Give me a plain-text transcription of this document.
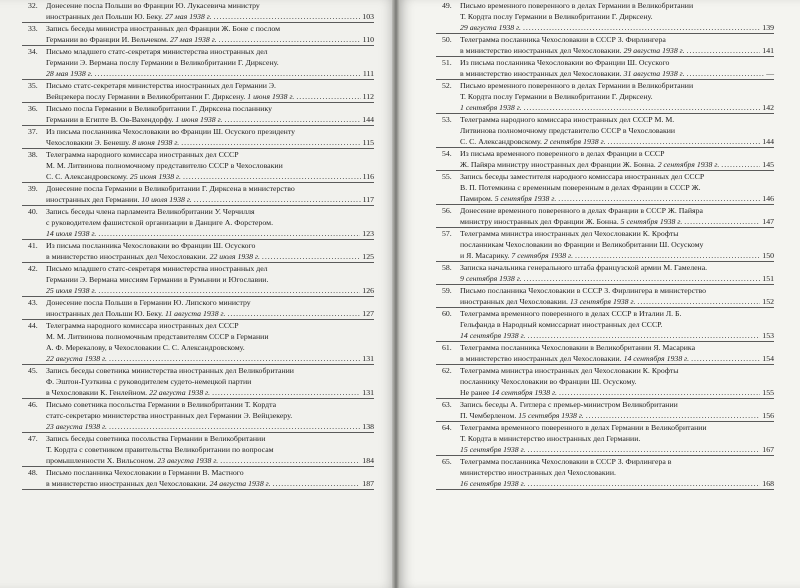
32.	Донесение посла Польши во Франции Ю. Лукасевича министру
иностранных дел Польши Ю. Беку. 27 мая 1938 г. . . .	103
33.	Запись беседы министра иностранных дел Франции Ж. Боне с послом
Германии во Франции И. Вельчеком. 27 мая 1938 г. . . .	110
34.	Письмо младшего статс-секретаря министерства иностранных дел
Германии Э. Вермана послу Германии в Великобритании Г. Дирксену.
28 мая 1938 г. . . .	111
35.	Письмо статс-секретаря министерства иностранных дел Германии Э.
Вейцзекера послу Германии в Великобритании Г. Дирксену. 1 июня 1938 г. . . .	112
36.	Письмо посла Германии в Великобритании Г. Дирксена посланнику
Германии в Египте В. Ов-Вахендорфу. 1 июня 1938 г. . . .	144
37.	Из письма посланника Чехословакии во Франции Ш. Осуского президенту
Чехословакии Э. Бенешу. 8 июня 1938 г. . . .	115
38.	Телеграмма народного комиссара иностранных дел СССР
М. М. Литвинова полномочному представителю СССР в Чехословакии
С. С. Александровскому. 25 июня 1938 г. . . .	116
39.	Донесение посла Германии в Великобритании Г. Дирксена в министерство
иностранных дел Германии. 10 июля 1938 г. . . .	117
40.	Запись беседы члена парламента Великобритании У. Черчилля
с руководителем фашистской организации в Данциге А. Форстером.
14 июля 1938 г. . . .	123
41.	Из письма посланника Чехословакии во Франции Ш. Осуского
в министерство иностранных дел Чехословакии. 22 июля 1938 г. . . .	125
42.	Письмо младшего статс-секретаря министерства иностранных дел
Германии Э. Вермана миссиям Германии в Румынии и Югославии.
25 июля 1938 г. . . .	126
43.	Донесение посла Польши в Германии Ю. Липского министру
иностранных дел Польши Ю. Беку. 11 августа 1938 г. . . .	127
44.	Телеграмма народного комиссара иностранных дел СССР
М. М. Литвинова полномочным представителям СССР в Германии
А. Ф. Мерекалову, в Чехословакии С. С. Александровскому.
22 августа 1938 г. . . .	131
45.	Запись беседы советника министерства иностранных дел Великобритании
Ф. Эштон-Гуэткина с руководителем судето-немецкой партии
в Чехословакии К. Генлейном. 22 августа 1938 г. . . .	131
46.	Письмо советника посольства Германии в Великобритании Т. Кордта
статс-секретарю министерства иностранных дел Германии Э. Вейцзекеру.
23 августа 1938 г. . . .	138
47.	Запись беседы советника посольства Германии в Великобритании
Т. Кордта с советником правительства Великобритании по вопросам
промышленности Х. Вильсоном. 23 августа 1938 г. . . .	184
48.	Письмо посланника Чехословакии в Германии В. Мастного
в министерство иностранных дел Чехословакии. 24 августа 1938 г. . . .	187
49.	Письмо временного поверенного в делах Германии в Великобритании
Т. Кордта послу Германии в Великобритании Г. Дирксену.
29 августа 1938 г. . . .	139
50.	Телеграмма посланника Чехословакии в СССР З. Фирлингера
в министерство иностранных дел Чехословакии. 29 августа 1938 г. . . .	141
51.	Из письма посланника Чехословакии во Франции Ш. Осуского
в министерство иностранных дел Чехословакии. 31 августа 1938 г. . . .	—
52.	Письмо временного поверенного в делах Германии в Великобритании
Т. Кордта послу Германии в Великобритании Г. Дирксену.
1 сентября 1938 г. . . .	142
53.	Телеграмма народного комиссара иностранных дел СССР М. М.
Литвинова полномочному представителю СССР в Чехословакии
С. С. Александровскому. 2 сентября 1938 г. . . .	144
54.	Из письма временного поверенного в делах Франции в СССР
Ж. Пайяра министру иностранных дел Франции Ж. Бонна. 2 сентября 1938 г. . . .	145
55.	Запись беседы заместителя народного комиссара иностранных дел СССР
В. П. Потемкина с временным поверенным в делах Франции в СССР Ж.
Памиром. 5 сентября 1938 г. . . .	146
56.	Донесение временного поверенного в делах Франции в СССР Ж. Пайяра
министру иностранных дел Франции Ж. Бонна. 5 сентября 1938 г. . . .	147
57.	Телеграмма министра иностранных дел Чехословакии К. Крофты
посланникам Чехословакии во Франции и Великобритании Ш. Осускому
и Я. Масарику. 7 сентября 1938 г. . . .	150
58.	Записка начальника генерального штаба французской армии М. Гамелена.
9 сентября 1938 г. . . .	151
59.	Письмо посланника Чехословакии в СССР З. Фирлингера в министерство
иностранных дел Чехословакии. 13 сентября 1938 г. . . .	152
60.	Телеграмма временного поверенного в делах СССР в Италии Л. Б.
Гельфанда в Народный комиссариат иностранных дел СССР.
14 сентября 1938 г. . . .	153
61.	Телеграмма посланника Чехословакии в Великобритании Я. Масарика
в министерство иностранных дел Чехословакии. 14 сентября 1938 г. . . .	154
62.	Телеграмма министра иностранных дел Чехословакии К. Крофты
посланнику Чехословакии во Франции Ш. Осускому.
Не ранее 14 сентября 1938 г. . . .	155
63.	Запись беседы А. Гитлера с премьер-министром Великобритании
П. Чемберленом. 15 сентября 1938 г. . . .	156
64.	Телеграмма временного поверенного в делах Германии в Великобритании
Т. Кордта в министерство иностранных дел Германии.
15 сентября 1938 г. . . .	167
65.	Телеграмма посланника Чехословакии в СССР З. Фирлингера в
министерство иностранных дел Чехословакии.
16 сентября 1938 г. . . .	168
